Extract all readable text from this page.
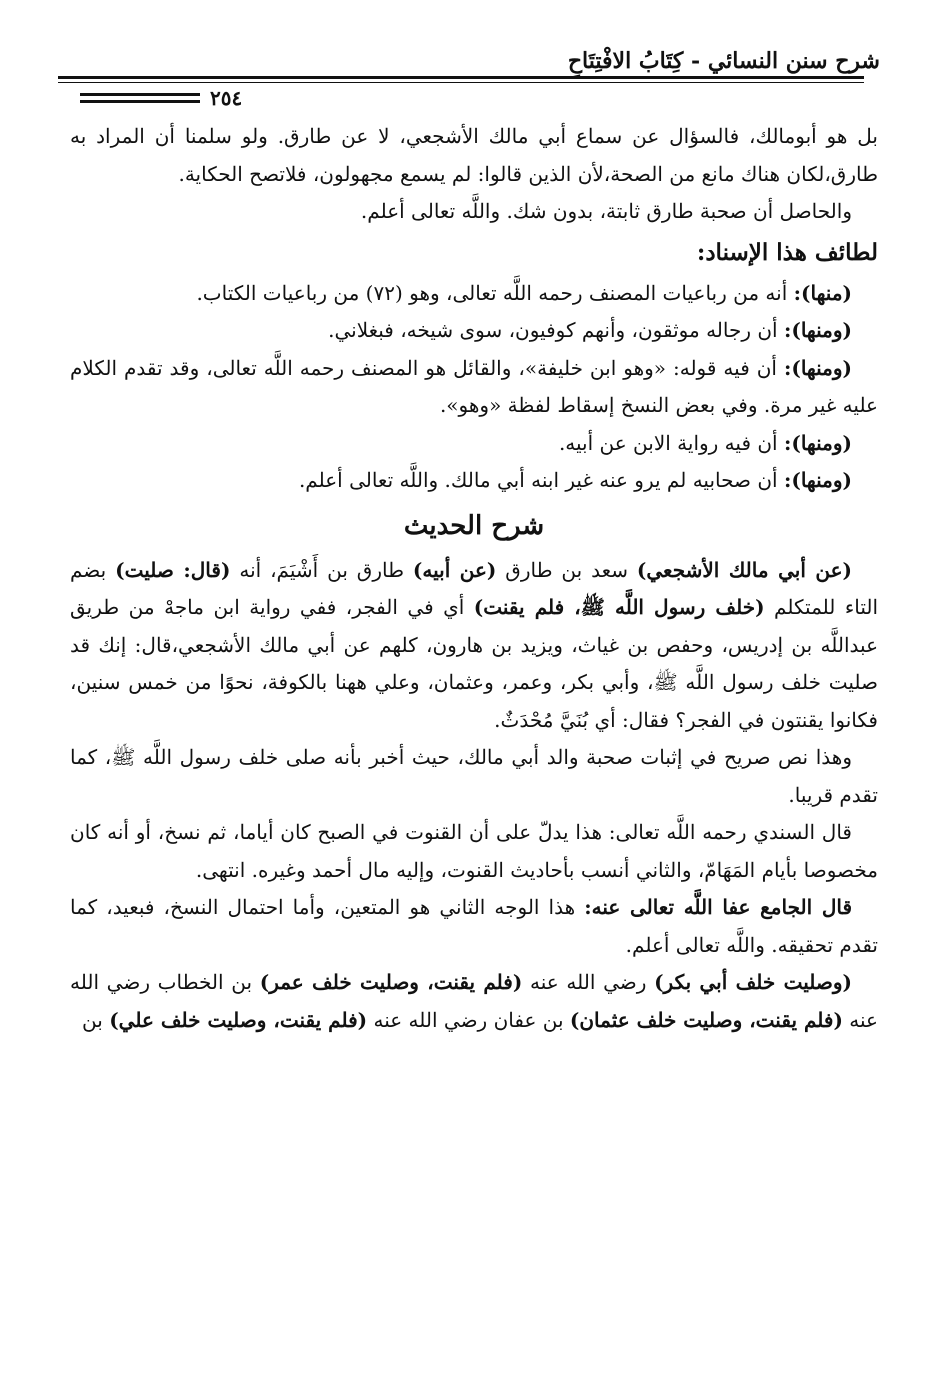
شرح سنن النسائي - كِتَابُ الافْتِتَاحِ
٢٥٤

بل هو أبومالك، فالسؤال عن سماع أبي مالك الأشجعي، لا عن طارق. ولو سلمنا أن المراد به طارق،لكان هناك مانع من الصحة،لأن الذين قالوا: لم يسمع مجهولون، فلاتصح الحكاية.

والحاصل أن صحبة طارق ثابتة، بدون شك. واللَّه تعالى أعلم.

لطائف هذا الإسناد:

(منها): أنه من رباعيات المصنف رحمه اللَّه تعالى، وهو (٧٢) من رباعيات الكتاب.

(ومنها): أن رجاله موثقون، وأنهم كوفيون، سوى شيخه، فبغلاني.

(ومنها): أن فيه قوله: «وهو ابن خليفة»، والقائل هو المصنف رحمه اللَّه تعالى، وقد تقدم الكلام عليه غير مرة. وفي بعض النسخ إسقاط لفظة «وهو».

(ومنها): أن فيه رواية الابن عن أبيه.

(ومنها): أن صحابيه لم يرو عنه غير ابنه أبي مالك. واللَّه تعالى أعلم.

شرح الحديث

(عن أبي مالك الأشجعي) سعد بن طارق (عن أبيه) طارق بن أَشْيَمَ، أنه (قال: صليت) بضم التاء للمتكلم (خلف رسول اللَّه ﷺ، فلم يقنت) أي في الفجر، ففي رواية ابن ماجهْ من طريق عبداللَّه بن إدريس، وحفص بن غياث، ويزيد بن هارون، كلهم عن أبي مالك الأشجعي،قال: إنك قد صليت خلف رسول اللَّه ﷺ، وأبي بكر، وعمر، وعثمان، وعلي ههنا بالكوفة، نحوًا من خمس سنين، فكانوا يقنتون في الفجر؟ فقال: أي بُنَيَّ مُحْدَثٌ.

وهذا نص صريح في إثبات صحبة والد أبي مالك، حيث أخبر بأنه صلى خلف رسول اللَّه ﷺ، كما تقدم قريبا.

قال السندي رحمه اللَّه تعالى: هذا يدلّ على أن القنوت في الصبح كان أياما، ثم نسخ، أو أنه كان مخصوصا بأيام المَهَامّ، والثاني أنسب بأحاديث القنوت، وإليه مال أحمد وغيره. انتهى.

قال الجامع عفا اللَّه تعالى عنه: هذا الوجه الثاني هو المتعين، وأما احتمال النسخ، فبعيد، كما تقدم تحقيقه. واللَّه تعالى أعلم.

(وصليت خلف أبي بكر) رضي الله عنه (فلم يقنت، وصليت خلف عمر) بن الخطاب رضي الله عنه (فلم يقنت، وصليت خلف عثمان) بن عفان رضي الله عنه (فلم يقنت، وصليت خلف علي) بن
